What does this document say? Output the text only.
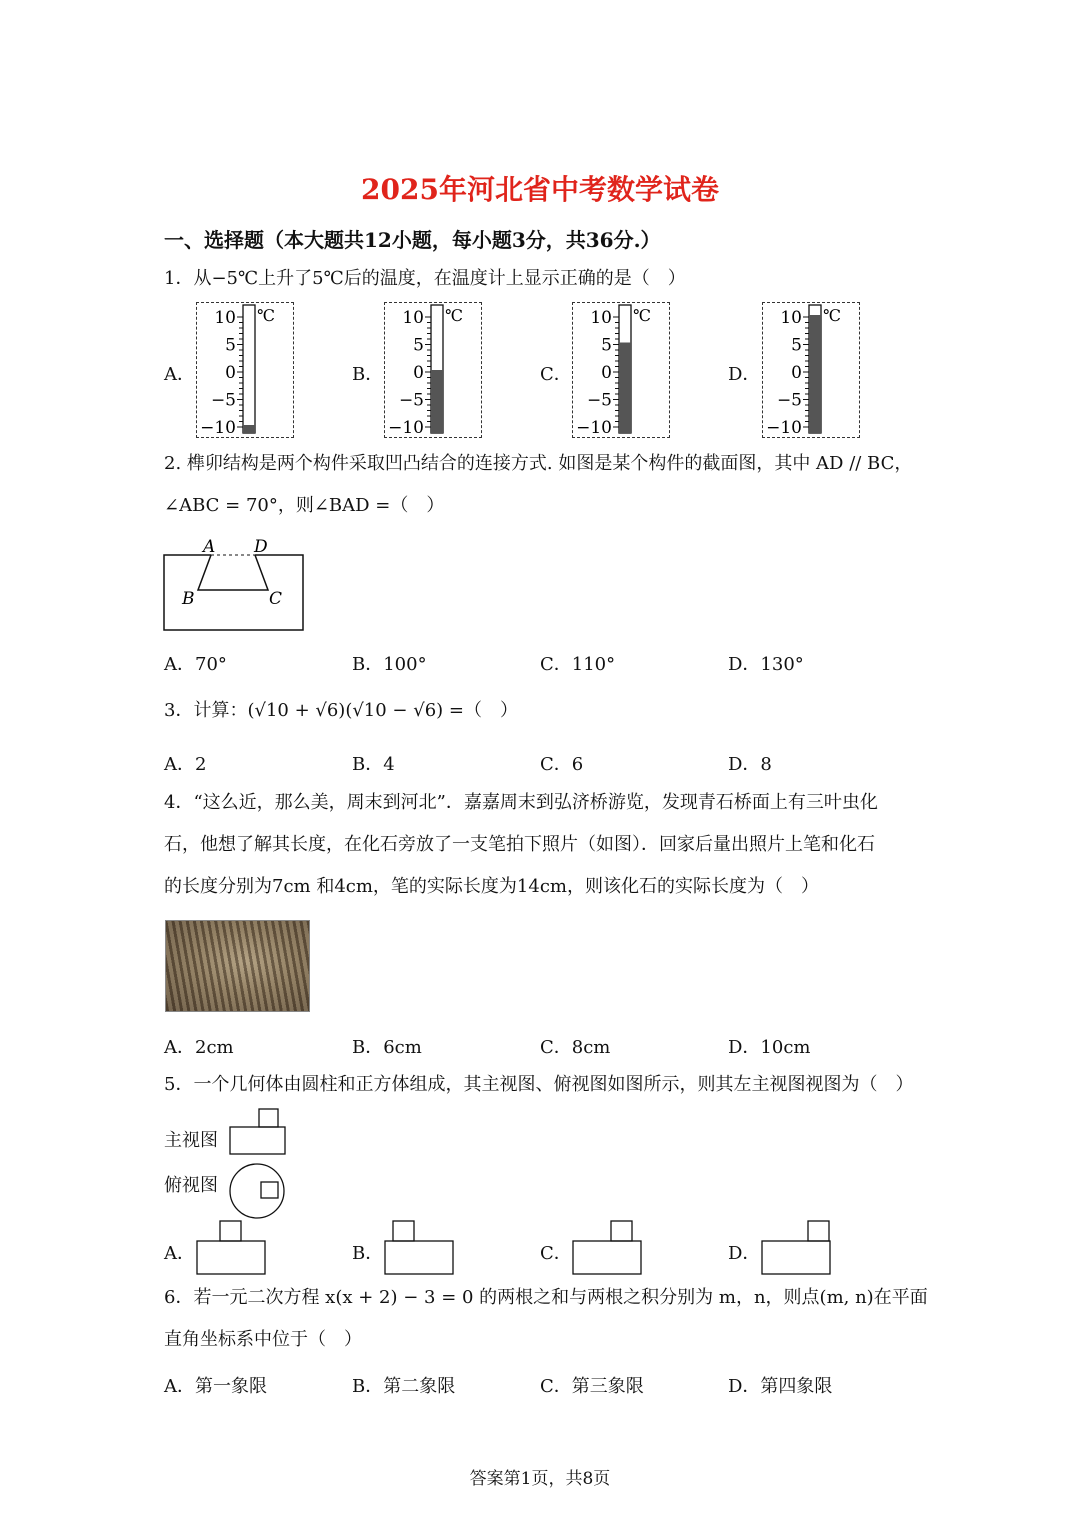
2025年河北省中考数学试卷
一、选择题（本大题共12小题，每小题3分，共36分.）
1．从−5℃上升了5℃后的温度，在温度计上显示正确的是（　）
A．	B．	C．	D．
10
5
0
−5
−10
℃	10
5
0
−5
−10
℃	10
5
0
−5
−10
℃	10
5
0
−5
−10
℃
2. 榫卯结构是两个构件采取凹凸结合的连接方式. 如图是某个构件的截面图，其中 AD // BC，
∠ABC = 70°，则∠BAD =（　）
A D
B	C
A．70°	B．100°	C．110°	D．130°
3．计算：(√10 + √6)(√10 − √6) =（　）
A．2	B．4	C．6	D．8
4．“这么近，那么美，周末到河北”．嘉嘉周末到弘济桥游览，发现青石桥面上有三叶虫化
石，他想了解其长度，在化石旁放了一支笔拍下照片（如图）．回家后量出照片上笔和化石
的长度分别为7cm 和4cm，笔的实际长度为14cm，则该化石的实际长度为（　）
A．2cm	B．6cm	C．8cm	D．10cm
5．一个几何体由圆柱和正方体组成，其主视图、俯视图如图所示，则其左主视图视图为（　）
主视图
俯视图
A．	B．	C．	D．
6．若一元二次方程 x(x + 2) − 3 = 0 的两根之和与两根之积分别为 m，n，则点(m, n)在平面
直角坐标系中位于（　）
A．第一象限	B．第二象限	C．第三象限	D．第四象限
答案第1页，共8页
